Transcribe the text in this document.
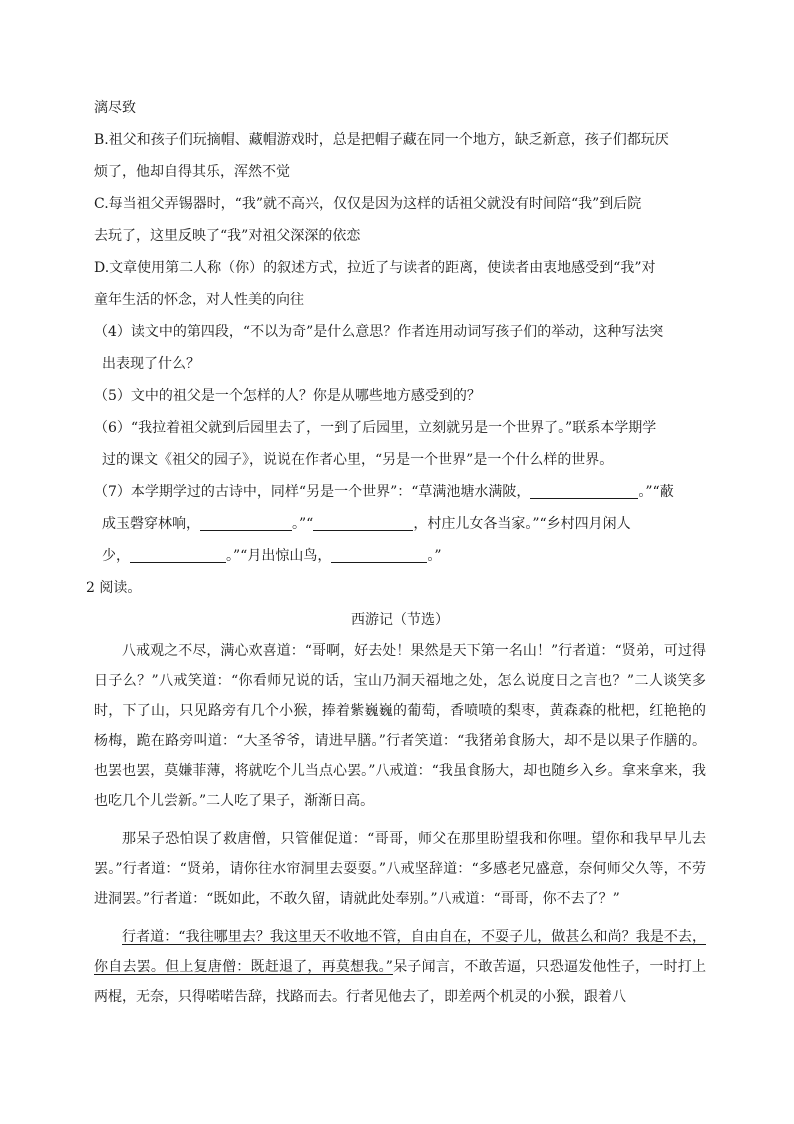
漓尽致

B.祖父和孩子们玩摘帽、藏帽游戏时，总是把帽子藏在同一个地方，缺乏新意，孩子们都玩厌

烦了，他却自得其乐，浑然不觉

C.每当祖父弄锡器时，“我”就不高兴，仅仅是因为这样的话祖父就没有时间陪“我”到后院

去玩了，这里反映了“我”对祖父深深的依恋

D.文章使用第二人称（你）的叙述方式，拉近了与读者的距离，使读者由衷地感受到“我”对

童年生活的怀念，对人性美的向往

（4）读文中的第四段，“不以为奇”是什么意思？作者连用动词写孩子们的举动，这种写法突

出表现了什么？

（5）文中的祖父是一个怎样的人？你是从哪些地方感受到的？

（6）“我拉着祖父就到后园里去了，一到了后园里，立刻就另是一个世界了。”联系本学期学

过的课文《祖父的园子》，说说在作者心里，“另是一个世界”是一个什么样的世界。

（7）本学期学过的古诗中，同样“另是一个世界”：“草满池塘水满陂，	。”“蔽

成玉磬穿林响，	。”“	，村庄儿女各当家。”“乡村四月闲人

少，	。”“月出惊山鸟，	。”

2 阅读。

西游记（节选）

八戒观之不尽，满心欢喜道：“哥啊，好去处！果然是天下第一名山！”行者道：“贤弟，可过得日子么？”八戒笑道：“你看师兄说的话，宝山乃洞天福地之处，怎么说度日之言也？”二人谈笑多时，下了山，只见路旁有几个小猴，捧着紫巍巍的葡萄，香喷喷的梨枣，黄森森的枇杷，红艳艳的杨梅，跪在路旁叫道：“大圣爷爷，请进早膳。”行者笑道：“我猪弟食肠大，却不是以果子作膳的。也罢也罢，莫嫌菲薄，将就吃个儿当点心罢。”八戒道：“我虽食肠大，却也随乡入乡。拿来拿来，我也吃几个儿尝新。”二人吃了果子，渐渐日高。

那呆子恐怕误了救唐僧，只管催促道：“哥哥，师父在那里盼望我和你哩。望你和我早早儿去罢。”行者道：“贤弟，请你往水帘洞里去耍耍。”八戒坚辞道：“多感老兄盛意，奈何师父久等，不劳进洞罢。”行者道：“既如此，不敢久留，请就此处奉别。”八戒道：“哥哥，你不去了？”

行者道：“我往哪里去？我这里天不收地不管，自由自在，不耍子儿，做甚么和尚？我是不去，你自去罢。但上复唐僧：既赶退了，再莫想我。”呆子闻言，不敢苦逼，只恐逼发他性子，一时打上两棍，无奈，只得喏喏告辞，找路而去。行者见他去了，即差两个机灵的小猴，跟着八
